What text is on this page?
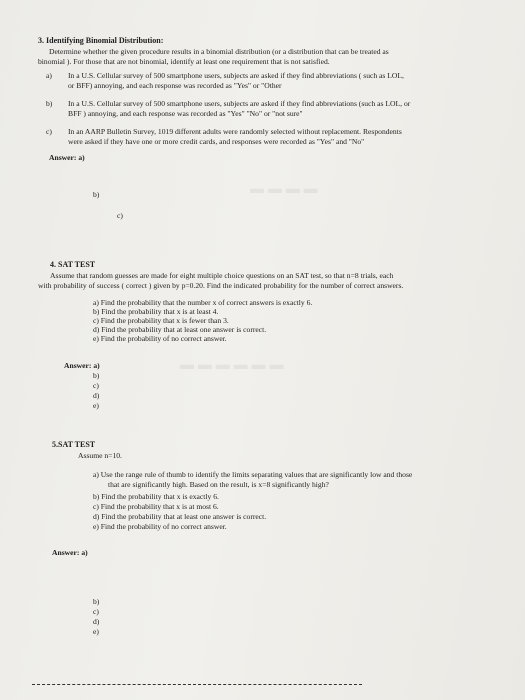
▬ ▬ ▬ ▬
▬ ▬ ▬ ▬ ▬ ▬
3. Identifying Binomial Distribution:
Determine whether the given procedure results in a binomial distribution (or a distribution that can be treated as
binomial ). For those that are not binomial, identify at least one requirement that is not satisfied.
a) In a U.S. Cellular survey of 500 smartphone users, subjects are asked if they find abbreviations ( such as LOL,
or BFF) annoying, and each response was recorded as "Yes" or "Other
b) In a U.S. Cellular survey of 500 smartphone users, subjects are asked if they find abbreviations (such as LOL, or
BFF ) annoying, and each response was recorded as "Yes" "No" or "not sure"
c) In an AARP Bulletin Survey, 1019 different adults were randomly selected without replacement. Respondents
were asked if they have one or more credit cards, and responses were recorded as "Yes" and "No"
Answer: a)
b)
c)
4. SAT TEST
Assume that random guesses are made for eight multiple choice questions on an SAT test, so that n=8 trials, each
with probability of success ( correct ) given by p=0.20. Find the indicated probability for the number of correct answers.
a) Find the probability that the number x of correct answers is exactly 6.
b) Find the probability that x is at least 4.
c) Find the probability that x is fewer than 3.
d) Find the probability that at least one answer is correct.
e) Find the probability of no correct answer.
Answer: a)
b)
c)
d)
e)
5.SAT TEST
Assume n=10.
a) Use the range rule of thumb to identify the limits separating values that are significantly low and those
that are significantly high. Based on the result, is x=8 significantly high?
b) Find the probability that x is exactly 6.
c) Find the probability that x is at most 6.
d) Find the probability that at least one answer is correct.
e) Find the probability of no correct answer.
Answer: a)
b)
c)
d)
e)
